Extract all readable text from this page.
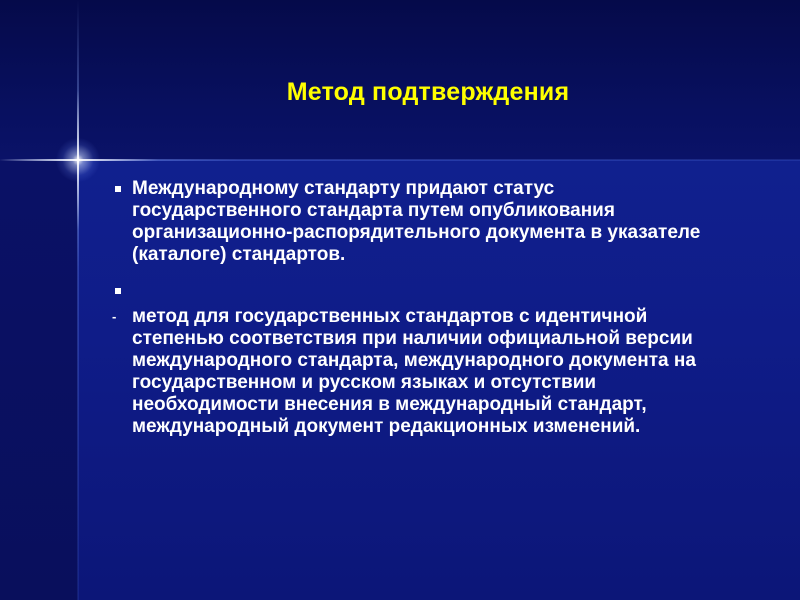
Метод подтверждения
Международному стандарту придают статус государственного стандарта путем опубликования организационно-распорядительного документа в указателе (каталоге) стандартов.
- метод для государственных стандартов с идентичной степенью соответствия при наличии официальной версии международного стандарта, международного документа на государственном и русском языках и отсутствии необходимости внесения в международный стандарт, международный документ редакционных изменений.
